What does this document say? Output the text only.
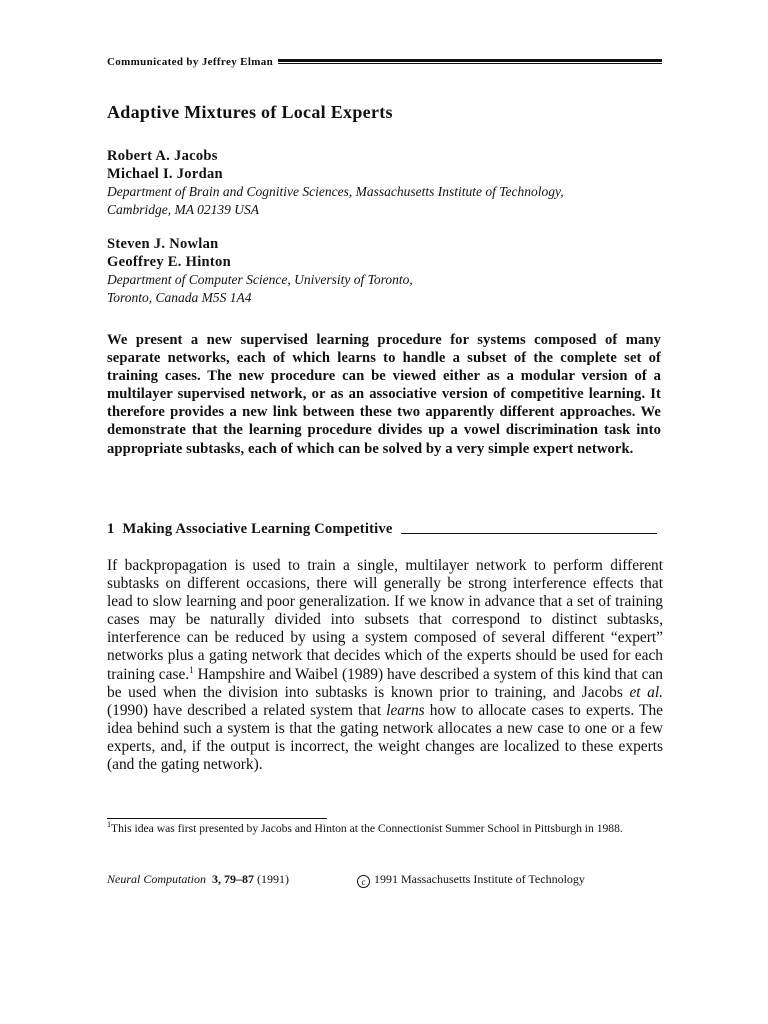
Communicated by Jeffrey Elman
Adaptive Mixtures of Local Experts
Robert A. Jacobs
Michael I. Jordan
Department of Brain and Cognitive Sciences, Massachusetts Institute of Technology,
Cambridge, MA 02139 USA
Steven J. Nowlan
Geoffrey E. Hinton
Department of Computer Science, University of Toronto,
Toronto, Canada M5S 1A4
We present a new supervised learning procedure for systems composed of many separate networks, each of which learns to handle a subset of the complete set of training cases. The new procedure can be viewed either as a modular version of a multilayer supervised network, or as an associative version of competitive learning. It therefore provides a new link between these two apparently different approaches. We demonstrate that the learning procedure divides up a vowel discrimination task into appropriate subtasks, each of which can be solved by a very simple expert network.
1 Making Associative Learning Competitive
If backpropagation is used to train a single, multilayer network to perform different subtasks on different occasions, there will generally be strong interference effects that lead to slow learning and poor generalization. If we know in advance that a set of training cases may be naturally divided into subsets that correspond to distinct subtasks, interference can be reduced by using a system composed of several different “expert” networks plus a gating network that decides which of the experts should be used for each training case.$^1$ Hampshire and Waibel (1989) have described a system of this kind that can be used when the division into subtasks is known prior to training, and Jacobs et al. (1990) have described a related system that learns how to allocate cases to experts. The idea behind such a system is that the gating network allocates a new case to one or a few experts, and, if the output is incorrect, the weight changes are localized to these experts (and the gating network).
$^1$This idea was first presented by Jacobs and Hinton at the Connectionist Summer School in Pittsburgh in 1988.
Neural Computation 3, 79–87 (1991)	c 1991 Massachusetts Institute of Technology
